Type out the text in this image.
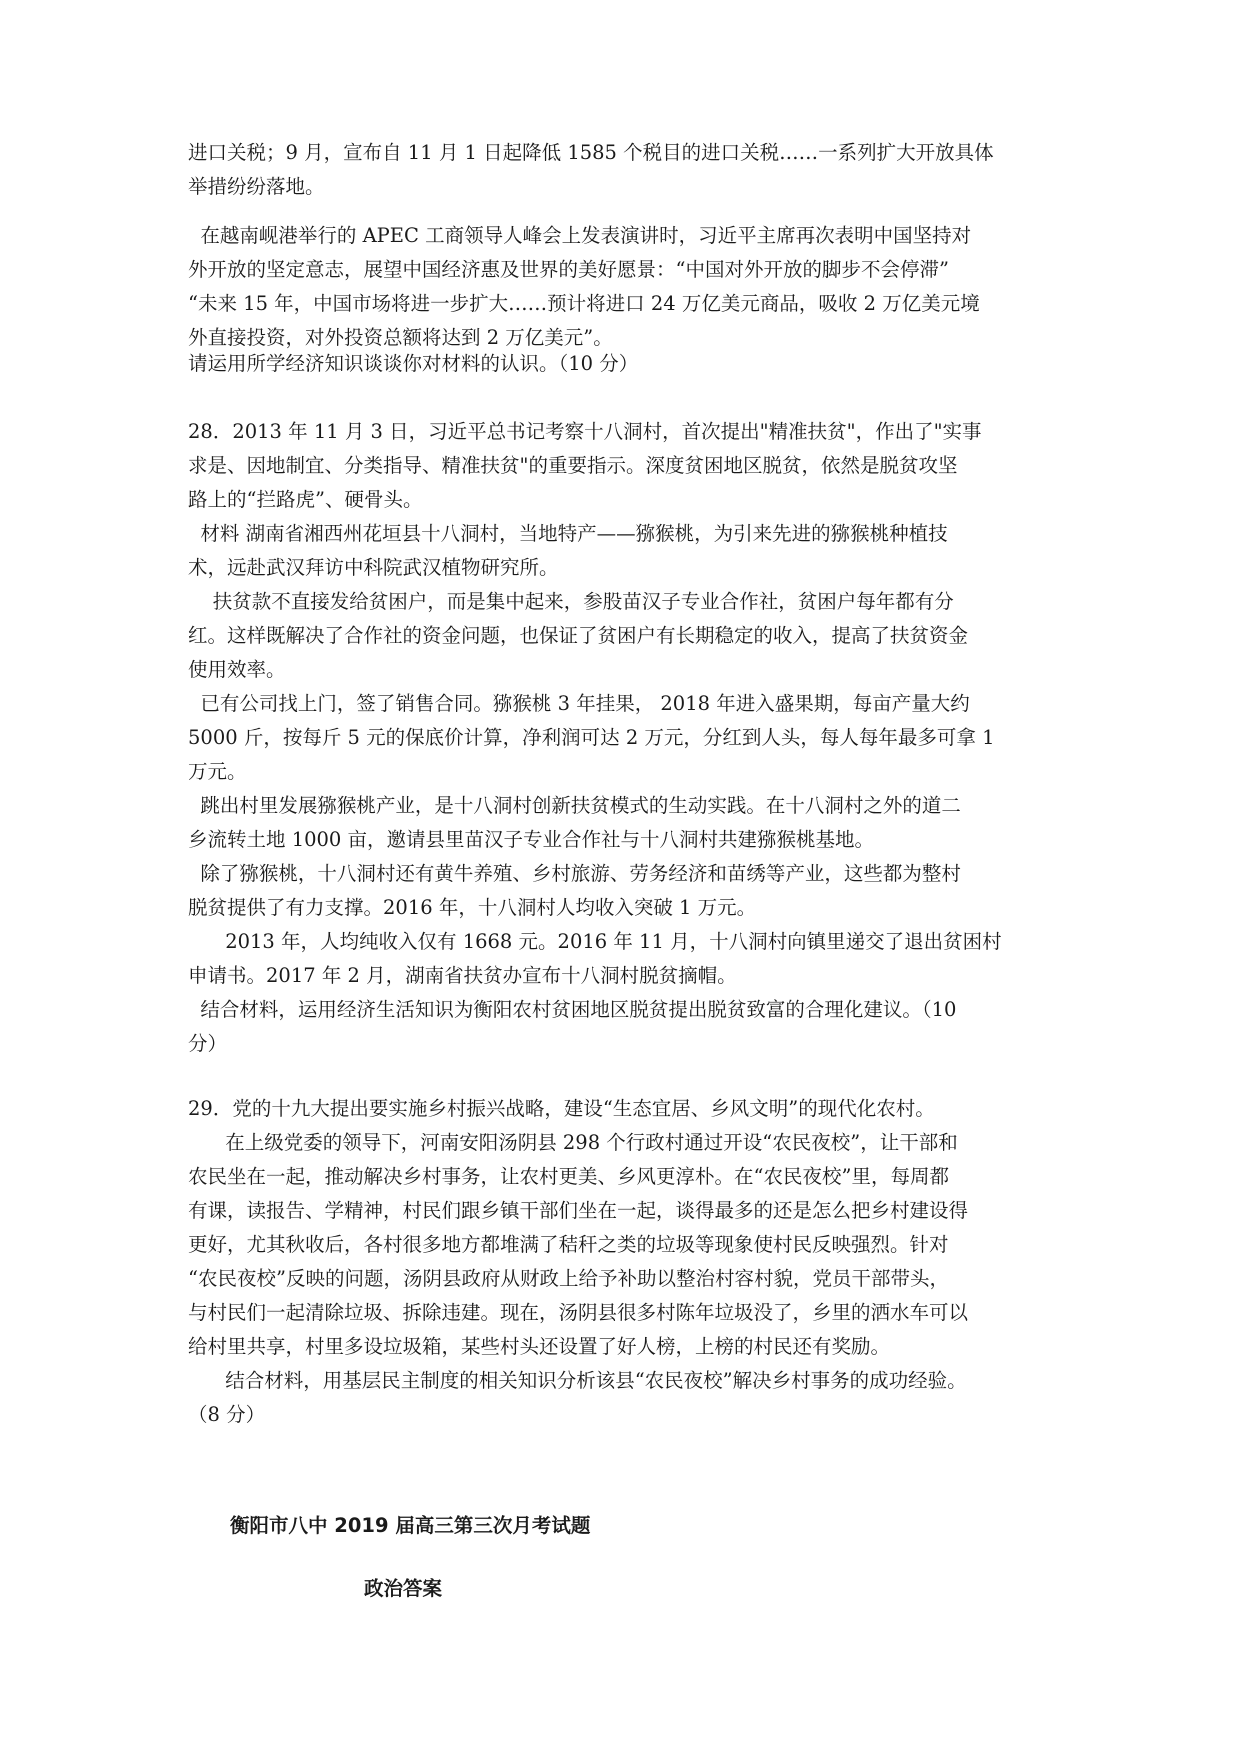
进口关税；9 月，宣布自 11 月 1 日起降低 1585 个税目的进口关税……一系列扩大开放具体
举措纷纷落地。
在越南岘港举行的 APEC 工商领导人峰会上发表演讲时，习近平主席再次表明中国坚持对
外开放的坚定意志，展望中国经济惠及世界的美好愿景：“中国对外开放的脚步不会停滞”
“未来 15 年，中国市场将进一步扩大……预计将进口 24 万亿美元商品，吸收 2 万亿美元境
外直接投资，对外投资总额将达到 2 万亿美元”。
请运用所学经济知识谈谈你对材料的认识。（10 分）
28．2013 年 11 月 3 日，习近平总书记考察十八洞村，首次提出"精准扶贫"，作出了"实事
求是、因地制宜、分类指导、精准扶贫"的重要指示。深度贫困地区脱贫，依然是脱贫攻坚
路上的“拦路虎”、硬骨头。
材料 湖南省湘西州花垣县十八洞村，当地特产——猕猴桃，为引来先进的猕猴桃种植技
术，远赴武汉拜访中科院武汉植物研究所。
扶贫款不直接发给贫困户，而是集中起来，参股苗汉子专业合作社，贫困户每年都有分
红。这样既解决了合作社的资金问题，也保证了贫困户有长期稳定的收入，提高了扶贫资金
使用效率。
已有公司找上门，签了销售合同。猕猴桃 3 年挂果， 2018 年进入盛果期，每亩产量大约
5000 斤，按每斤 5 元的保底价计算，净利润可达 2 万元，分红到人头，每人每年最多可拿 1
万元。
跳出村里发展猕猴桃产业，是十八洞村创新扶贫模式的生动实践。在十八洞村之外的道二
乡流转土地 1000 亩，邀请县里苗汉子专业合作社与十八洞村共建猕猴桃基地。
除了猕猴桃，十八洞村还有黄牛养殖、乡村旅游、劳务经济和苗绣等产业，这些都为整村
脱贫提供了有力支撑。2016 年，十八洞村人均收入突破 1 万元。
2013 年，人均纯收入仅有 1668 元。2016 年 11 月，十八洞村向镇里递交了退出贫困村
申请书。2017 年 2 月，湖南省扶贫办宣布十八洞村脱贫摘帽。
结合材料，运用经济生活知识为衡阳农村贫困地区脱贫提出脱贫致富的合理化建议。（10
分）
29．党的十九大提出要实施乡村振兴战略，建设“生态宜居、乡风文明”的现代化农村。
在上级党委的领导下，河南安阳汤阴县 298 个行政村通过开设“农民夜校”，让干部和
农民坐在一起，推动解决乡村事务，让农村更美、乡风更淳朴。在“农民夜校”里，每周都
有课，读报告、学精神，村民们跟乡镇干部们坐在一起，谈得最多的还是怎么把乡村建设得
更好，尤其秋收后，各村很多地方都堆满了秸秆之类的垃圾等现象使村民反映强烈。针对
“农民夜校”反映的问题，汤阴县政府从财政上给予补助以整治村容村貌，党员干部带头，
与村民们一起清除垃圾、拆除违建。现在，汤阴县很多村陈年垃圾没了，乡里的洒水车可以
给村里共享，村里多设垃圾箱，某些村头还设置了好人榜，上榜的村民还有奖励。
结合材料，用基层民主制度的相关知识分析该县“农民夜校”解决乡村事务的成功经验。
（8 分）
衡阳市八中 2019 届高三第三次月考试题
政治答案
